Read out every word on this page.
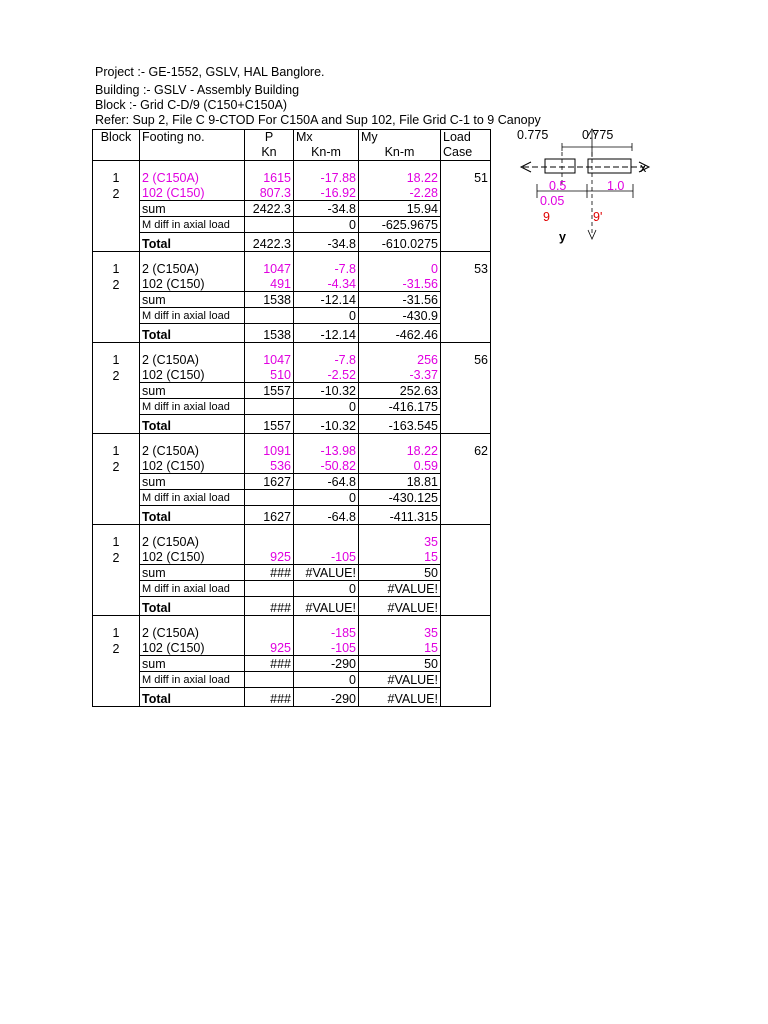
Project :- GE-1552, GSLV, HAL Banglore.
Building :- GSLV - Assembly Building
Block :- Grid C-D/9 (C150+C150A)
Refer: Sup 2, File C 9-CTOD For C150A and Sup 102, File Grid C-1 to 9 Canopy
Block	Footing no.	P	Mx	My	Load
		Kn	Kn-m	Kn-m	Case

1	2 (C150A)	1615	-17.88	18.22	51
2	102 (C150)	807.3	-16.92	-2.28	
	sum	2422.3	-34.8	15.94	
	M diff in axial load		0	-625.9675	
	Total	2422.3	-34.8	-610.0275	

1	2 (C150A)	1047	-7.8	0	53
2	102 (C150)	491	-4.34	-31.56	
	sum	1538	-12.14	-31.56	
	M diff in axial load		0	-430.9	
	Total	1538	-12.14	-462.46	

1	2 (C150A)	1047	-7.8	256	56
2	102 (C150)	510	-2.52	-3.37	
	sum	1557	-10.32	252.63	
	M diff in axial load		0	-416.175	
	Total	1557	-10.32	-163.545	

1	2 (C150A)	1091	-13.98	18.22	62
2	102 (C150)	536	-50.82	0.59	
	sum	1627	-64.8	18.81	
	M diff in axial load		0	-430.125	
	Total	1627	-64.8	-411.315	

1	2 (C150A)			35	
2	102 (C150)	925	-105	15	
	sum	###	#VALUE!	50	
	M diff in axial load		0	#VALUE!	
	Total	###	#VALUE!	#VALUE!	

1	2 (C150A)		-185	35	
2	102 (C150)	925	-105	15	
	sum	###	-290	50	
	M diff in axial load		0	#VALUE!	
	Total	###	-290	#VALUE!	
0.775	0.775
x
0.5	1.0
0.05
9	9'
y
